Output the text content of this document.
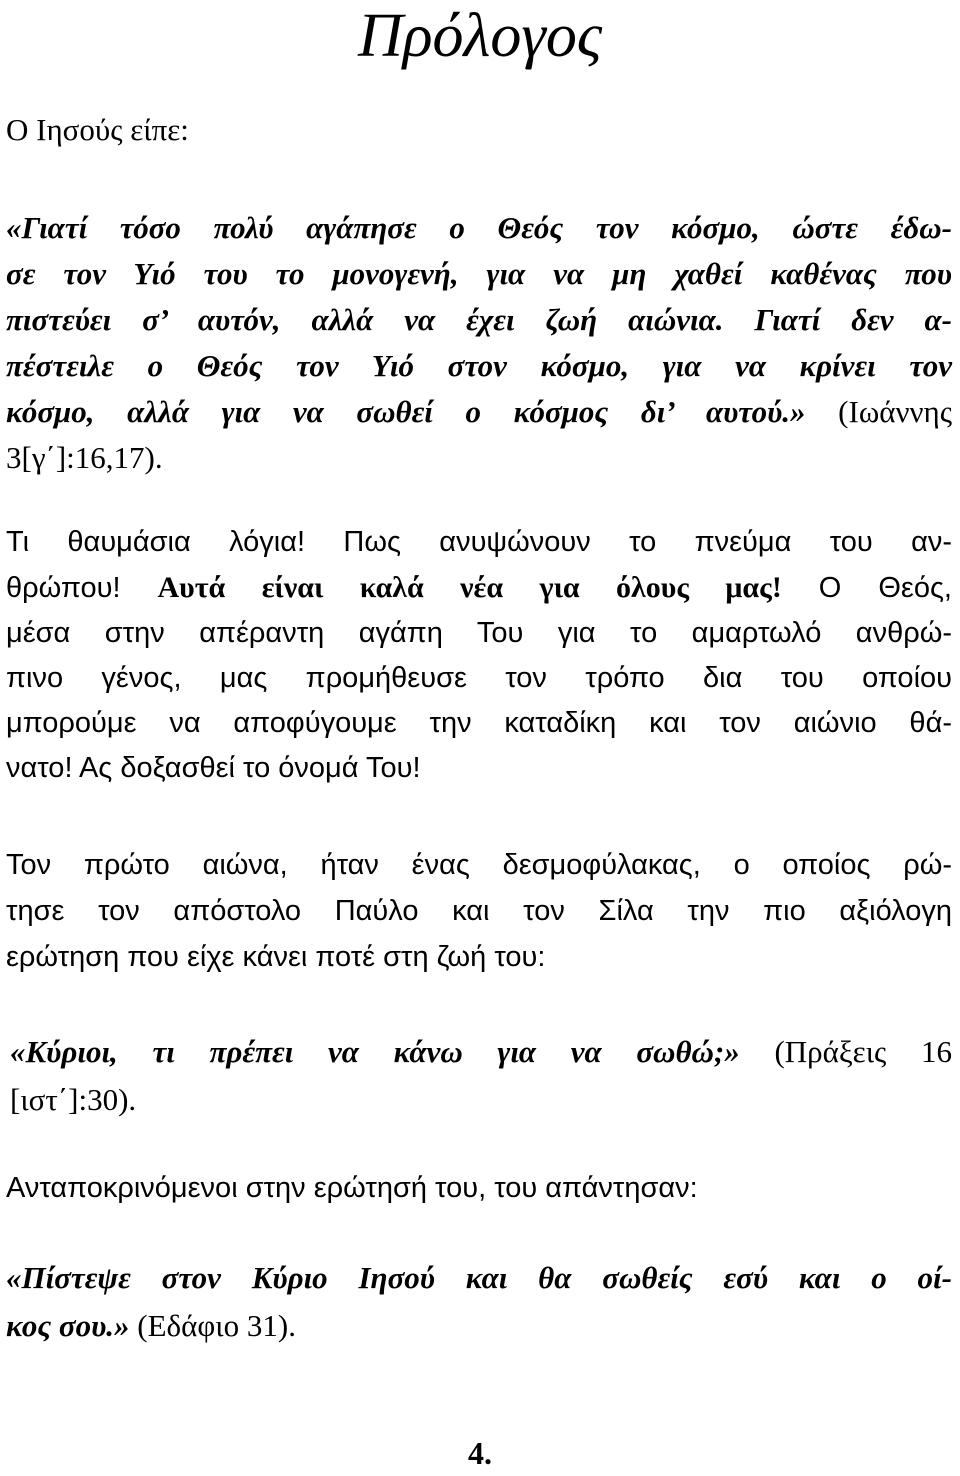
Πρόλογος

Ο Ιησούς είπε:

«Γιατί τόσο πολύ αγάπησε ο Θεός τον κόσμο, ώστε έδω-
σε τον Υιό του το μονογενή, για να μη χαθεί καθένας που
πιστεύει σ’ αυτόν, αλλά να έχει ζωή αιώνια. Γιατί δεν α-
πέστειλε ο Θεός τον Υιό στον κόσμο, για να κρίνει τον
κόσμο, αλλά για να σωθεί ο κόσμος δι’ αυτού.» (Ιωάννης
3[γ΄]:16,17).
Τι θαυμάσια λόγια! Πως ανυψώνουν το πνεύμα του αν-
θρώπου! Αυτά είναι καλά νέα για όλους μας! Ο Θεός,
μέσα στην απέραντη αγάπη Του για το αμαρτωλό ανθρώ-
πινο γένος, μας προμήθευσε τον τρόπο δια του οποίου
μπορούμε να αποφύγουμε την καταδίκη και τον αιώνιο θά-
νατο! Ας δοξασθεί το όνομά Του!
Τον πρώτο αιώνα, ήταν ένας δεσμοφύλακας, ο οποίος ρώ-
τησε τον απόστολο Παύλο και τον Σίλα την πιο αξιόλογη
ερώτηση που είχε κάνει ποτέ στη ζωή του:
«Κύριοι, τι πρέπει να κάνω για να σωθώ;» (Πράξεις 16
[ιστ΄]:30).

Ανταποκρινόμενοι στην ερώτησή του, του απάντησαν:

«Πίστεψε στον Κύριο Ιησού και θα σωθείς εσύ και ο οί-
κος σου.» (Εδάφιο 31).

4.
